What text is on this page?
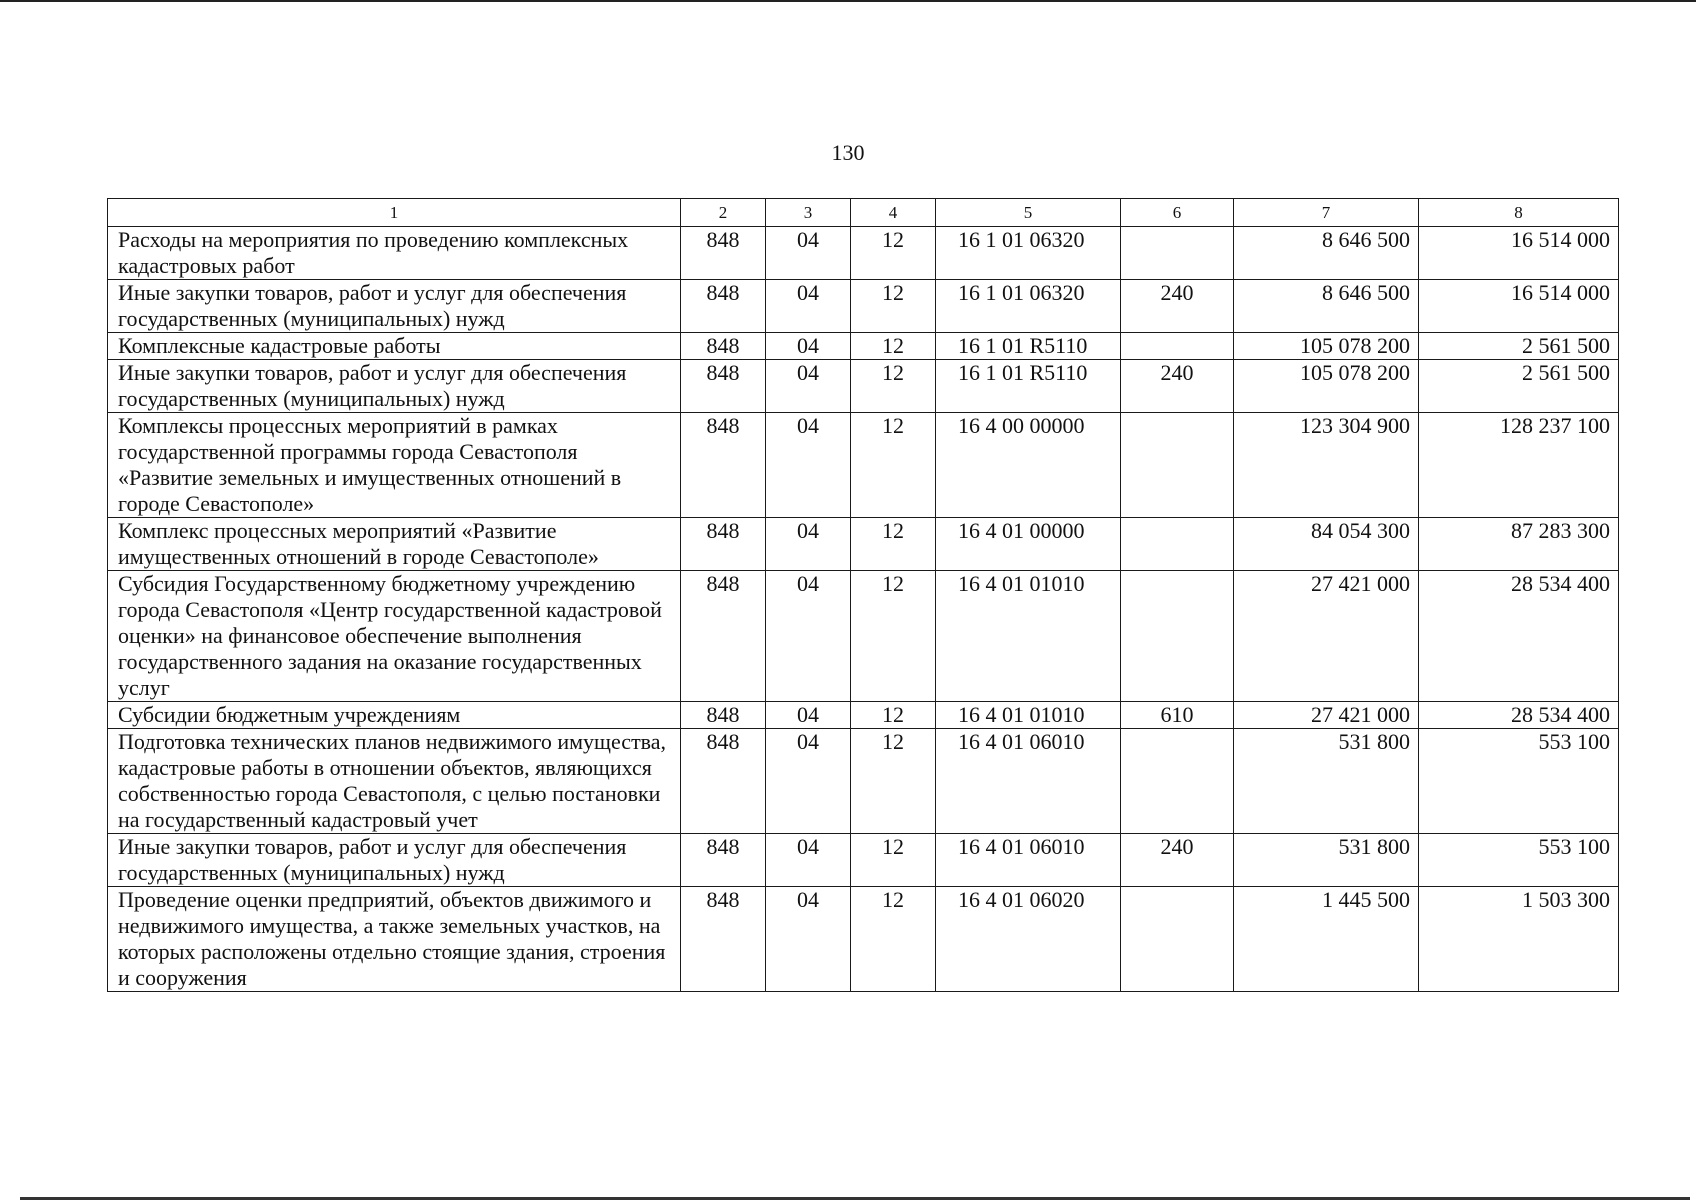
130
1	2	3	4	5	6	7	8
Расходы на мероприятия по проведению комплексных кадастровых работ	848	04	12	16 1 01 06320		8 646 500	16 514 000
Иные закупки товаров, работ и услуг для обеспечения государственных (муниципальных) нужд	848	04	12	16 1 01 06320	240	8 646 500	16 514 000
Комплексные кадастровые работы	848	04	12	16 1 01 R5110		105 078 200	2 561 500
Иные закупки товаров, работ и услуг для обеспечения государственных (муниципальных) нужд	848	04	12	16 1 01 R5110	240	105 078 200	2 561 500
Комплексы процессных мероприятий в рамках государственной программы города Севастополя «Развитие земельных и имущественных отношений в городе Севастополе»	848	04	12	16 4 00 00000		123 304 900	128 237 100
Комплекс процессных мероприятий «Развитие имущественных отношений в городе Севастополе»	848	04	12	16 4 01 00000		84 054 300	87 283 300
Субсидия Государственному бюджетному учреждению города Севастополя «Центр государственной кадастровой оценки» на финансовое обеспечение выполнения государственного задания на оказание государственных услуг	848	04	12	16 4 01 01010		27 421 000	28 534 400
Субсидии бюджетным учреждениям	848	04	12	16 4 01 01010	610	27 421 000	28 534 400
Подготовка технических планов недвижимого имущества, кадастровые работы в отношении объектов, являющихся собственностью города Севастополя, с целью постановки на государственный кадастровый учет	848	04	12	16 4 01 06010		531 800	553 100
Иные закупки товаров, работ и услуг для обеспечения государственных (муниципальных) нужд	848	04	12	16 4 01 06010	240	531 800	553 100
Проведение оценки предприятий, объектов движимого и недвижимого имущества, а также земельных участков, на которых расположены отдельно стоящие здания, строения и сооружения	848	04	12	16 4 01 06020		1 445 500	1 503 300
